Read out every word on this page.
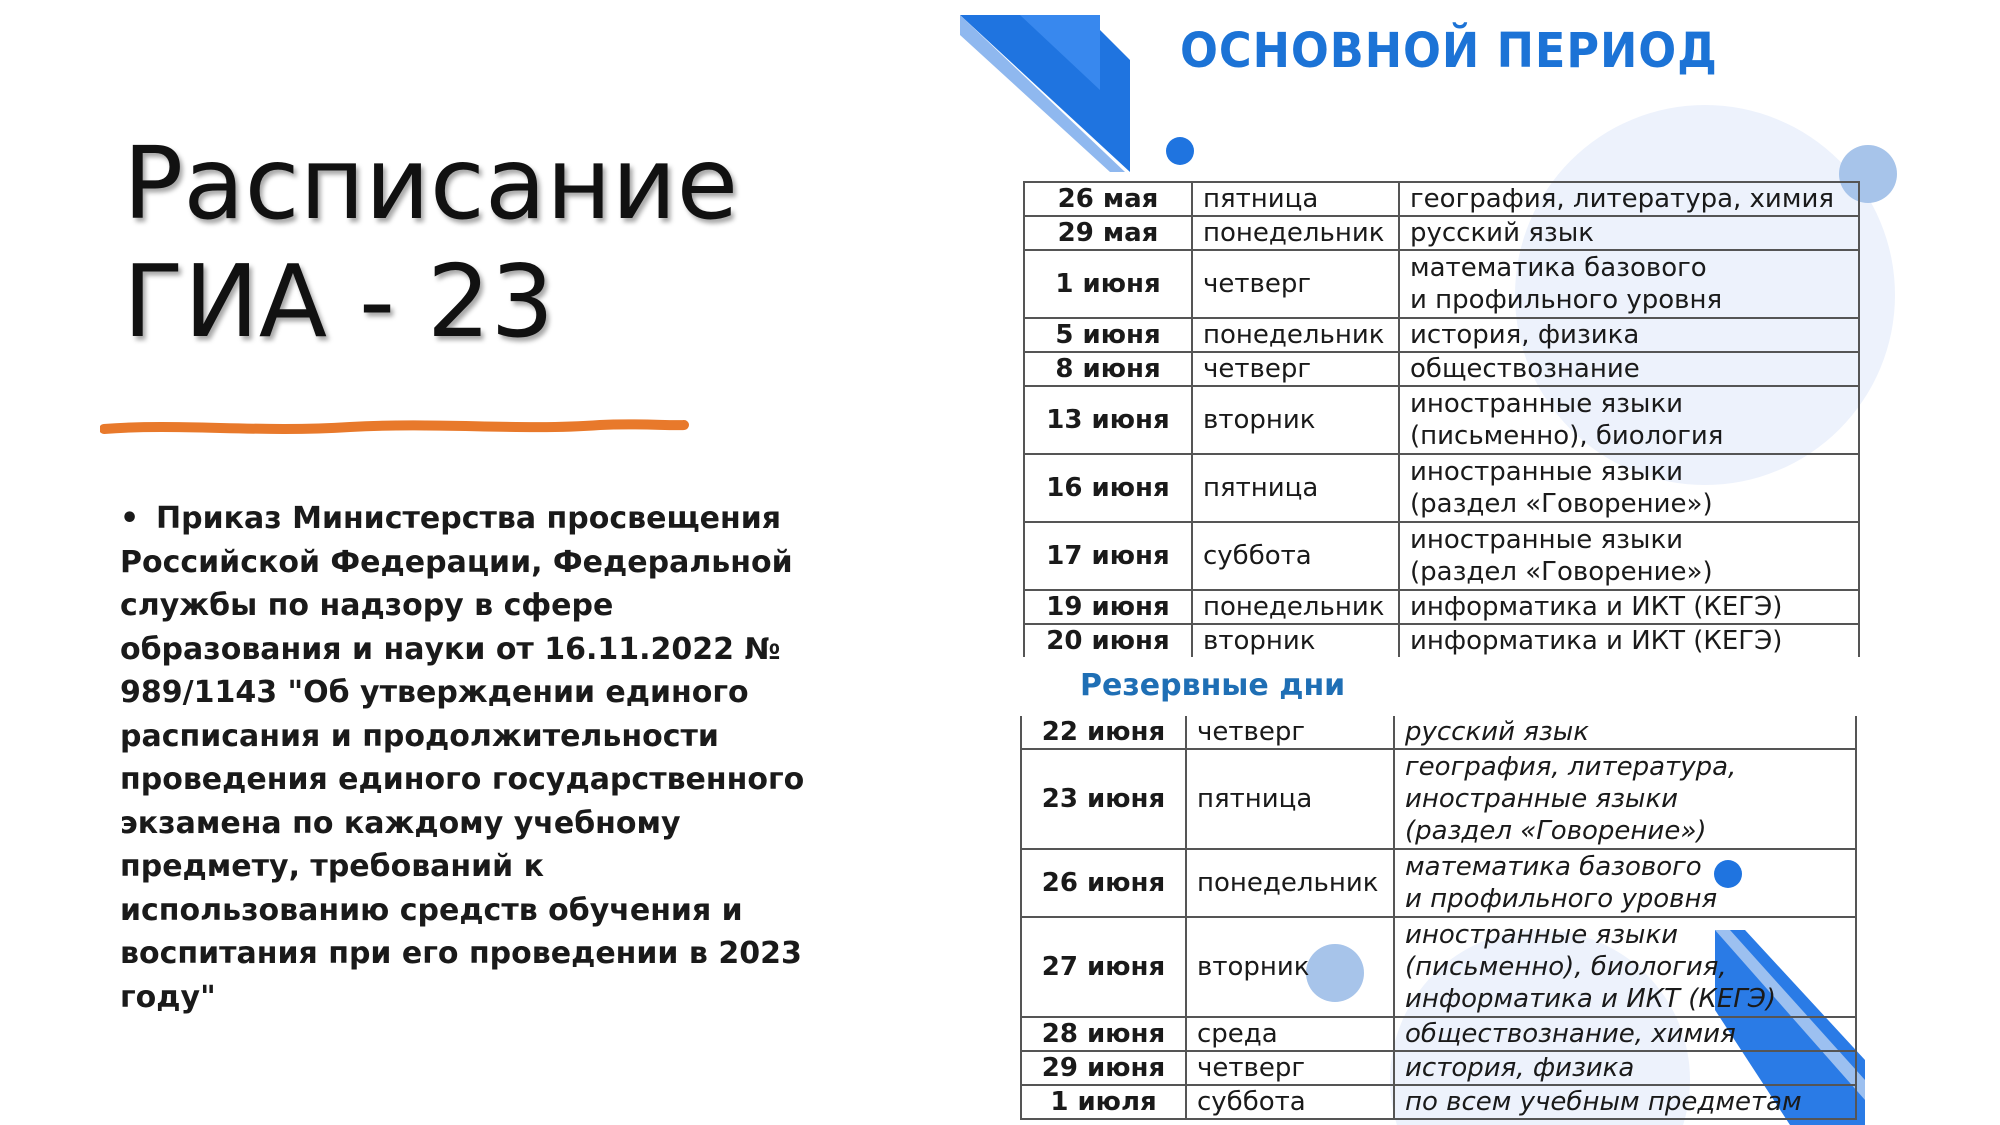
Расписание
ГИА - 23
• Приказ Министерства просвещения Российской Федерации, Федеральной службы по надзору в сфере образования и науки от 16.11.2022 № 989/1143 "Об утверждении единого расписания и продолжительности проведения единого государственного экзамена по каждому учебному предмету, требований к использованию средств обучения и воспитания при его проведении в 2023 году"
ОСНОВНОЙ ПЕРИОД
26 мая	пятница	география, литература, химия
29 мая	понедельник	русский язык
1 июня	четверг	математика базового
и профильного уровня
5 июня	понедельник	история, физика
8 июня	четверг	обществознание
13 июня	вторник	иностранные языки
(письменно), биология
16 июня	пятница	иностранные языки
(раздел «Говорение»)
17 июня	суббота	иностранные языки
(раздел «Говорение»)
19 июня	понедельник	информатика и ИКТ (КЕГЭ)
20 июня	вторник	информатика и ИКТ (КЕГЭ)
Резервные дни
22 июня	четверг	русский язык
23 июня	пятница	география, литература,
иностранные языки
(раздел «Говорение»)
26 июня	понедельник	математика базового
и профильного уровня
27 июня	вторник	иностранные языки
(письменно), биология,
информатика и ИКТ (КЕГЭ)
28 июня	среда	обществознание, химия
29 июня	четверг	история, физика
1 июля	суббота	по всем учебным предметам
